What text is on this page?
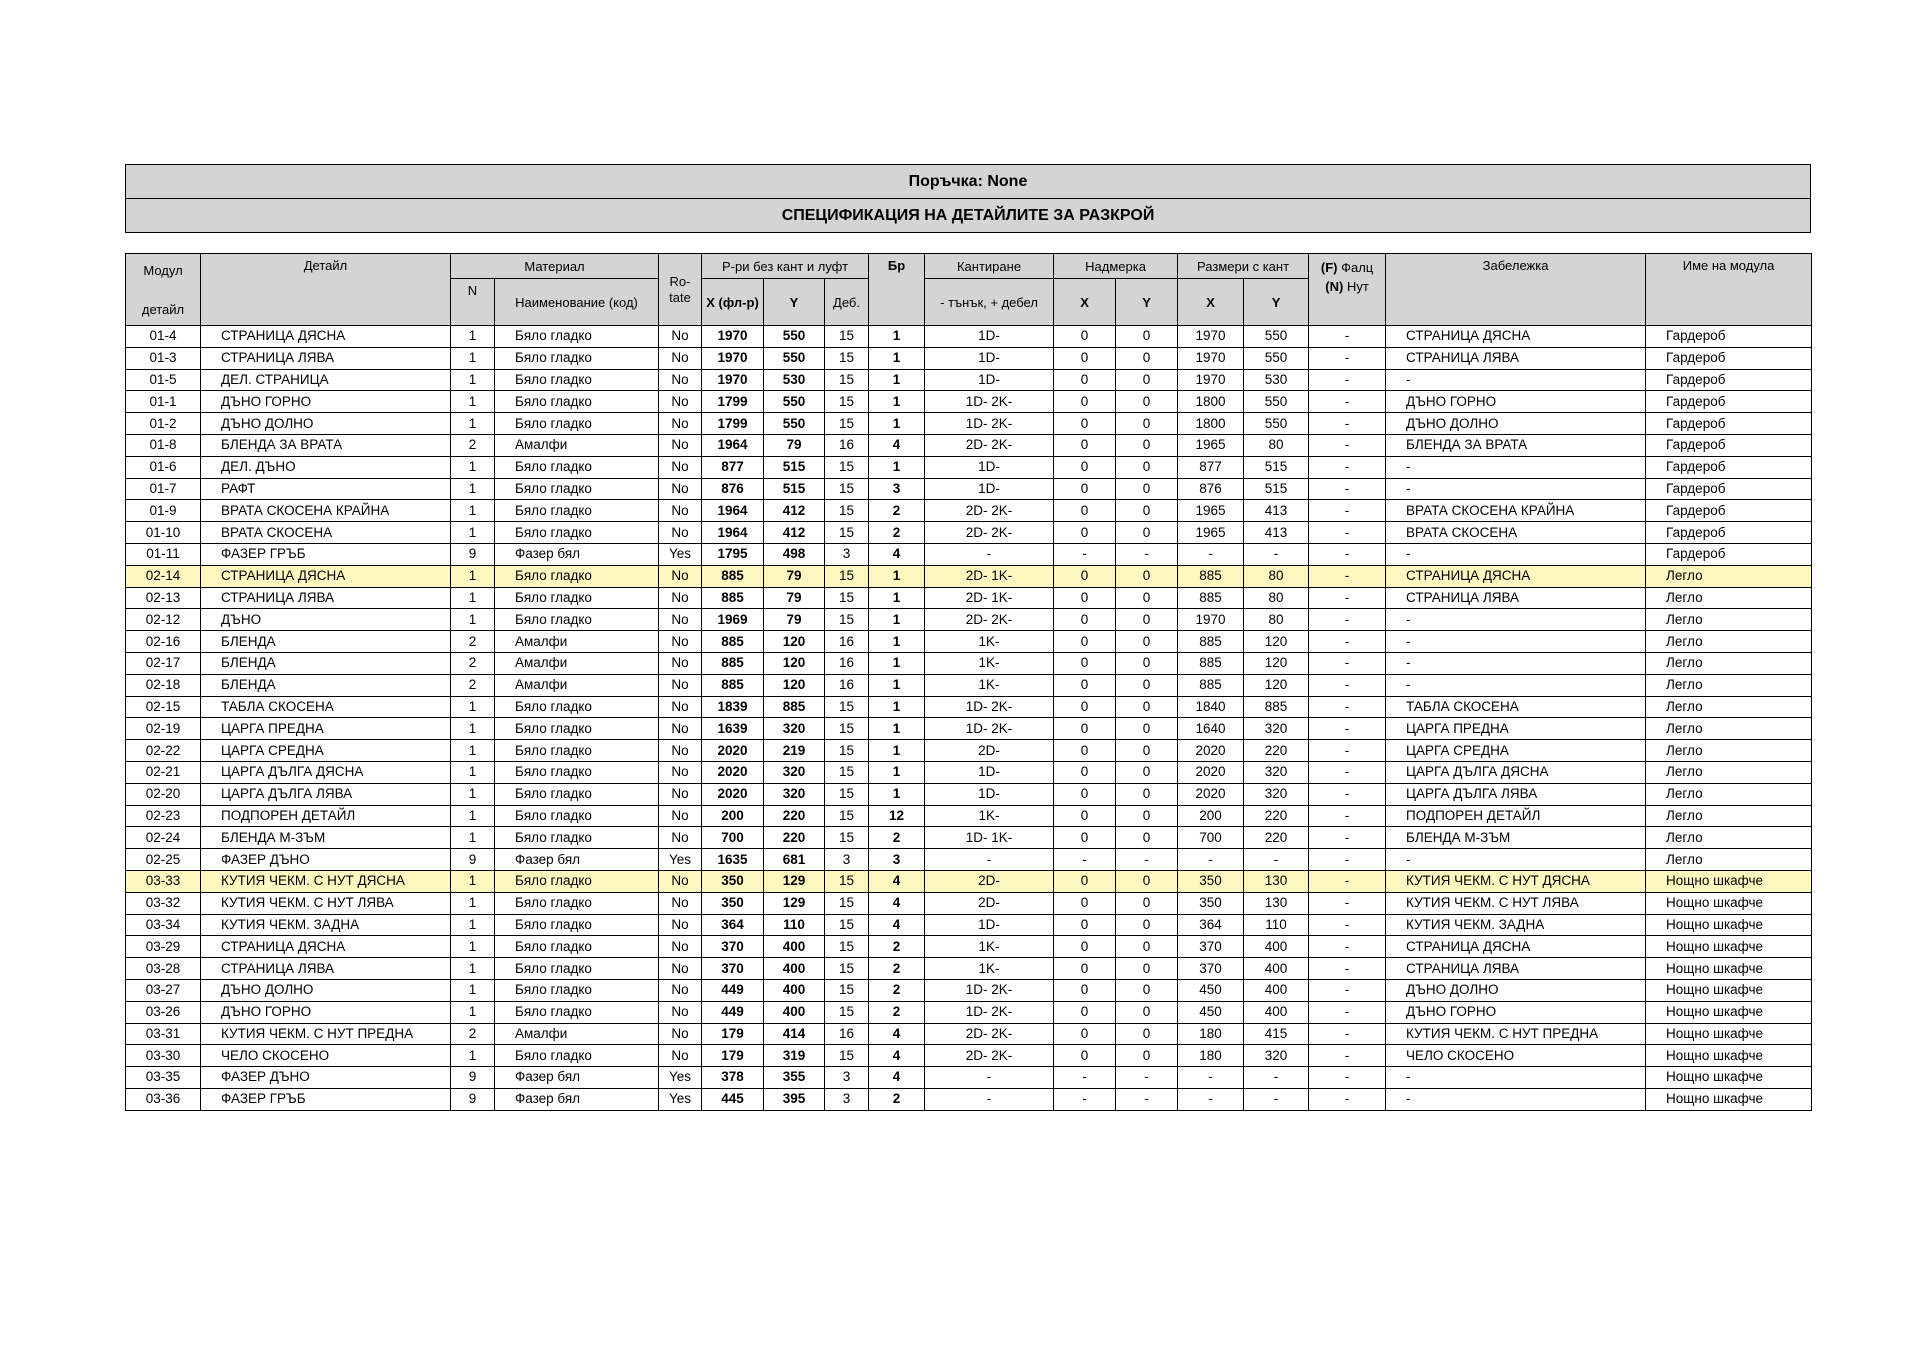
Поръчка: None
СПЕЦИФИКАЦИЯ НА ДЕТАЙЛИТЕ ЗА РАЗКРОЙ
Модул
детайл	Детайл	Материал		Ro-
tate	Р-ри без кант и луфт			Бр	Кантиране	Надмерка		Размери с кант		(F) Фалц
(N) Нут	Забележка	Име на модула
		N	Наименование (код)		X (фл-р)	Y	Деб.		- тънък, + дебел	X	Y	X	Y			
01-4	СТРАНИЦА ДЯСНА	1	Бяло гладко	No	1970	550	15	1	1D-	0	0	1970	550	-	СТРАНИЦА ДЯСНА	Гардероб
01-3	СТРАНИЦА ЛЯВА	1	Бяло гладко	No	1970	550	15	1	1D-	0	0	1970	550	-	СТРАНИЦА ЛЯВА	Гардероб
01-5	ДЕЛ. СТРАНИЦА	1	Бяло гладко	No	1970	530	15	1	1D-	0	0	1970	530	-	-	Гардероб
01-1	ДЪНО ГОРНО	1	Бяло гладко	No	1799	550	15	1	1D- 2K-	0	0	1800	550	-	ДЪНО ГОРНО	Гардероб
01-2	ДЪНО ДОЛНО	1	Бяло гладко	No	1799	550	15	1	1D- 2K-	0	0	1800	550	-	ДЪНО ДОЛНО	Гардероб
01-8	БЛЕНДА ЗА ВРАТА	2	Амалфи	No	1964	79	16	4	2D- 2K-	0	0	1965	80	-	БЛЕНДА ЗА ВРАТА	Гардероб
01-6	ДЕЛ. ДЪНО	1	Бяло гладко	No	877	515	15	1	1D-	0	0	877	515	-	-	Гардероб
01-7	РАФТ	1	Бяло гладко	No	876	515	15	3	1D-	0	0	876	515	-	-	Гардероб
01-9	ВРАТА СКОСЕНА КРАЙНА	1	Бяло гладко	No	1964	412	15	2	2D- 2K-	0	0	1965	413	-	ВРАТА СКОСЕНА КРАЙНА	Гардероб
01-10	ВРАТА СКОСЕНА	1	Бяло гладко	No	1964	412	15	2	2D- 2K-	0	0	1965	413	-	ВРАТА СКОСЕНА	Гардероб
01-11	ФАЗЕР ГРЪБ	9	Фазер бял	Yes	1795	498	3	4	-	-	-	-	-	-	-	Гардероб
02-14	СТРАНИЦА ДЯСНА	1	Бяло гладко	No	885	79	15	1	2D- 1K-	0	0	885	80	-	СТРАНИЦА ДЯСНА	Легло
02-13	СТРАНИЦА ЛЯВА	1	Бяло гладко	No	885	79	15	1	2D- 1K-	0	0	885	80	-	СТРАНИЦА ЛЯВА	Легло
02-12	ДЪНО	1	Бяло гладко	No	1969	79	15	1	2D- 2K-	0	0	1970	80	-	-	Легло
02-16	БЛЕНДА	2	Амалфи	No	885	120	16	1	1K-	0	0	885	120	-	-	Легло
02-17	БЛЕНДА	2	Амалфи	No	885	120	16	1	1K-	0	0	885	120	-	-	Легло
02-18	БЛЕНДА	2	Амалфи	No	885	120	16	1	1K-	0	0	885	120	-	-	Легло
02-15	ТАБЛА СКОСЕНА	1	Бяло гладко	No	1839	885	15	1	1D- 2K-	0	0	1840	885	-	ТАБЛА СКОСЕНА	Легло
02-19	ЦАРГА ПРЕДНА	1	Бяло гладко	No	1639	320	15	1	1D- 2K-	0	0	1640	320	-	ЦАРГА ПРЕДНА	Легло
02-22	ЦАРГА СРЕДНА	1	Бяло гладко	No	2020	219	15	1	2D-	0	0	2020	220	-	ЦАРГА СРЕДНА	Легло
02-21	ЦАРГА ДЪЛГА ДЯСНА	1	Бяло гладко	No	2020	320	15	1	1D-	0	0	2020	320	-	ЦАРГА ДЪЛГА ДЯСНА	Легло
02-20	ЦАРГА ДЪЛГА ЛЯВА	1	Бяло гладко	No	2020	320	15	1	1D-	0	0	2020	320	-	ЦАРГА ДЪЛГА ЛЯВА	Легло
02-23	ПОДПОРЕН ДЕТАЙЛ	1	Бяло гладко	No	200	220	15	12	1K-	0	0	200	220	-	ПОДПОРЕН ДЕТАЙЛ	Легло
02-24	БЛЕНДА М-ЗЪМ	1	Бяло гладко	No	700	220	15	2	1D- 1K-	0	0	700	220	-	БЛЕНДА М-ЗЪМ	Легло
02-25	ФАЗЕР ДЪНО	9	Фазер бял	Yes	1635	681	3	3	-	-	-	-	-	-	-	Легло
03-33	КУТИЯ ЧЕКМ. С НУТ ДЯСНА	1	Бяло гладко	No	350	129	15	4	2D-	0	0	350	130	-	КУТИЯ ЧЕКМ. С НУТ ДЯСНА	Нощно шкафче
03-32	КУТИЯ ЧЕКМ. С НУТ ЛЯВА	1	Бяло гладко	No	350	129	15	4	2D-	0	0	350	130	-	КУТИЯ ЧЕКМ. С НУТ ЛЯВА	Нощно шкафче
03-34	КУТИЯ ЧЕКМ. ЗАДНА	1	Бяло гладко	No	364	110	15	4	1D-	0	0	364	110	-	КУТИЯ ЧЕКМ. ЗАДНА	Нощно шкафче
03-29	СТРАНИЦА ДЯСНА	1	Бяло гладко	No	370	400	15	2	1K-	0	0	370	400	-	СТРАНИЦА ДЯСНА	Нощно шкафче
03-28	СТРАНИЦА ЛЯВА	1	Бяло гладко	No	370	400	15	2	1K-	0	0	370	400	-	СТРАНИЦА ЛЯВА	Нощно шкафче
03-27	ДЪНО ДОЛНО	1	Бяло гладко	No	449	400	15	2	1D- 2K-	0	0	450	400	-	ДЪНО ДОЛНО	Нощно шкафче
03-26	ДЪНО ГОРНО	1	Бяло гладко	No	449	400	15	2	1D- 2K-	0	0	450	400	-	ДЪНО ГОРНО	Нощно шкафче
03-31	КУТИЯ ЧЕКМ. С НУТ ПРЕДНА	2	Амалфи	No	179	414	16	4	2D- 2K-	0	0	180	415	-	КУТИЯ ЧЕКМ. С НУТ ПРЕДНА	Нощно шкафче
03-30	ЧЕЛО СКОСЕНО	1	Бяло гладко	No	179	319	15	4	2D- 2K-	0	0	180	320	-	ЧЕЛО СКОСЕНО	Нощно шкафче
03-35	ФАЗЕР ДЪНО	9	Фазер бял	Yes	378	355	3	4	-	-	-	-	-	-	-	Нощно шкафче
03-36	ФАЗЕР ГРЪБ	9	Фазер бял	Yes	445	395	3	2	-	-	-	-	-	-	-	Нощно шкафче
